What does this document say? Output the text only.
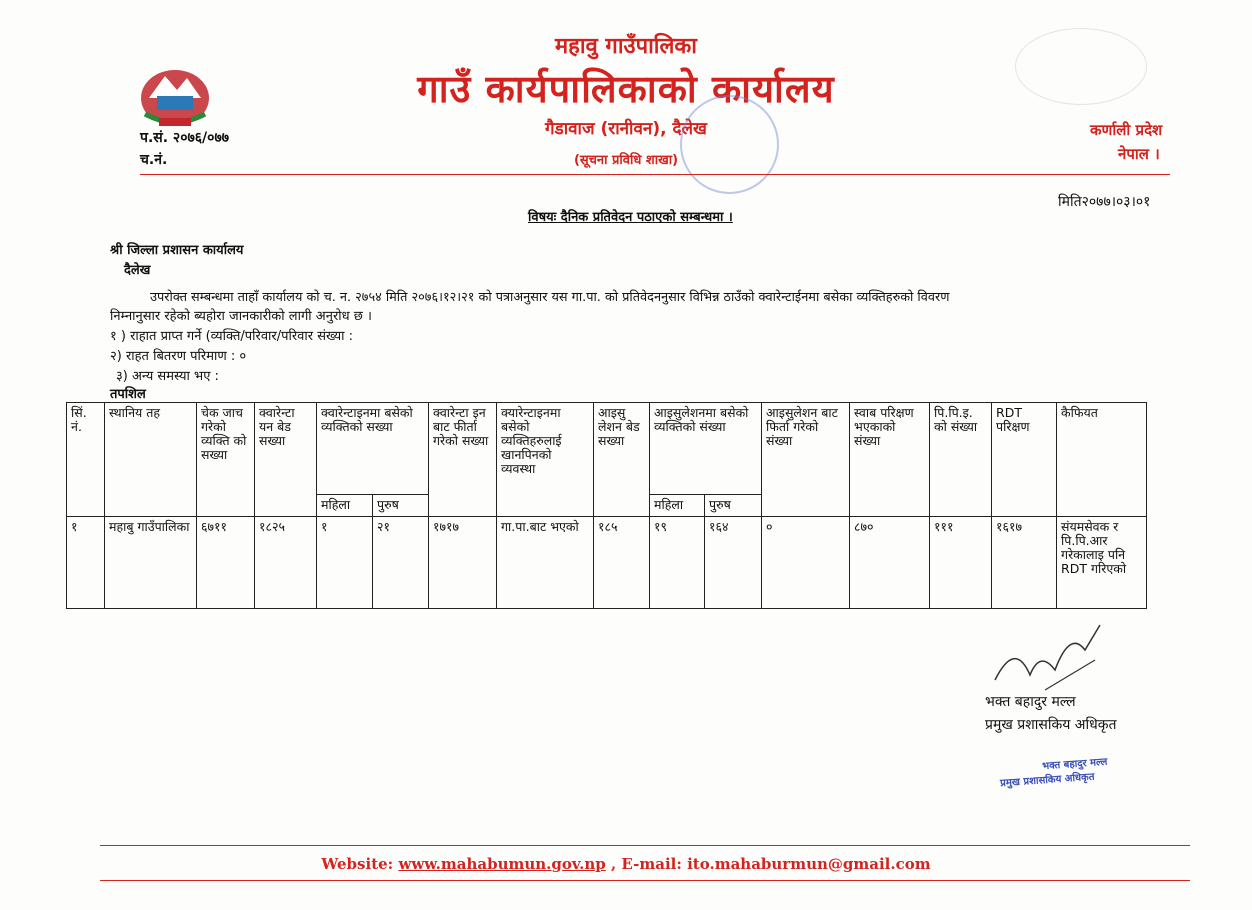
महावु गाउँपालिका
गाउँ कार्यपालिकाको कार्यालय
गैडावाज (रानीवन), दैलेख
(सूचना प्रविधि शाखा)
कर्णाली प्रदेश
नेपाल ।
प.सं. २०७६/०७७
च.नं.
मिति२०७७।०३।०१
विषयः दैनिक प्रतिवेदन पठाएको सम्बन्धमा ।
श्री जिल्ला प्रशासन कार्यालय
दैलेख
उपरोक्त सम्बन्धमा ताहाँ कार्यालय को च. न. २७५४ मिति २०७६।१२।२१ को पत्राअनुसार यस गा.पा. को प्रतिवेदननुसार विभिन्न ठाउँको क्वारेन्टाईनमा बसेका व्यक्तिहरुको विवरण
निम्नानुसार रहेको ब्यहोरा जानकारीको लागी अनुरोध छ ।
१ ) राहात प्राप्त गर्ने (व्यक्ति/परिवार/परिवार संख्या :
२) राहत बितरण परिमाण : ०
३) अन्य समस्या भए :
तपशिल
सिं. नं.	स्थानिय तह	चेक जाच गरेको व्यक्ति को सख्या	क्वारेन्टा यन बेड सख्या	क्वारेन्टाइनमा बसेको व्यक्तिको सख्या		क्वारेन्टा इन बाट फीर्ता गरेको सख्या	क्यारेन्टाइनमा बसेको व्यक्तिहरुलाई खानपिनको व्यवस्था	आइसु लेशन बेड सख्या	आइसुलेशनमा बसेको व्यक्तिको संख्या		आइसुलेशन बाट फिर्ता गरेको संख्या	स्वाब परिक्षण भएकाको संख्या	पि.पि.इ. को संख्या	RDT परिक्षण	कैफियत
				महिला	पुरुष				महिला	पुरुष					
१	महाबु गाउँपालिका	६७११	१८२५	१	२१	१७१७	गा.पा.बाट भएको	१८५	१९	१६४	०	८७०	१११	१६१७	संयमसेवक र पि.पि.आर गरेकालाइ पनि RDT गरिएको
भक्त बहादुर मल्ल
प्रमुख प्रशासकिय अधिकृत
भक्त बहादुर मल्ल
प्रमुख प्रशासकिय अधिकृत
Website: www.mahabumun.gov.np , E-mail: ito.mahaburmun@gmail.com
